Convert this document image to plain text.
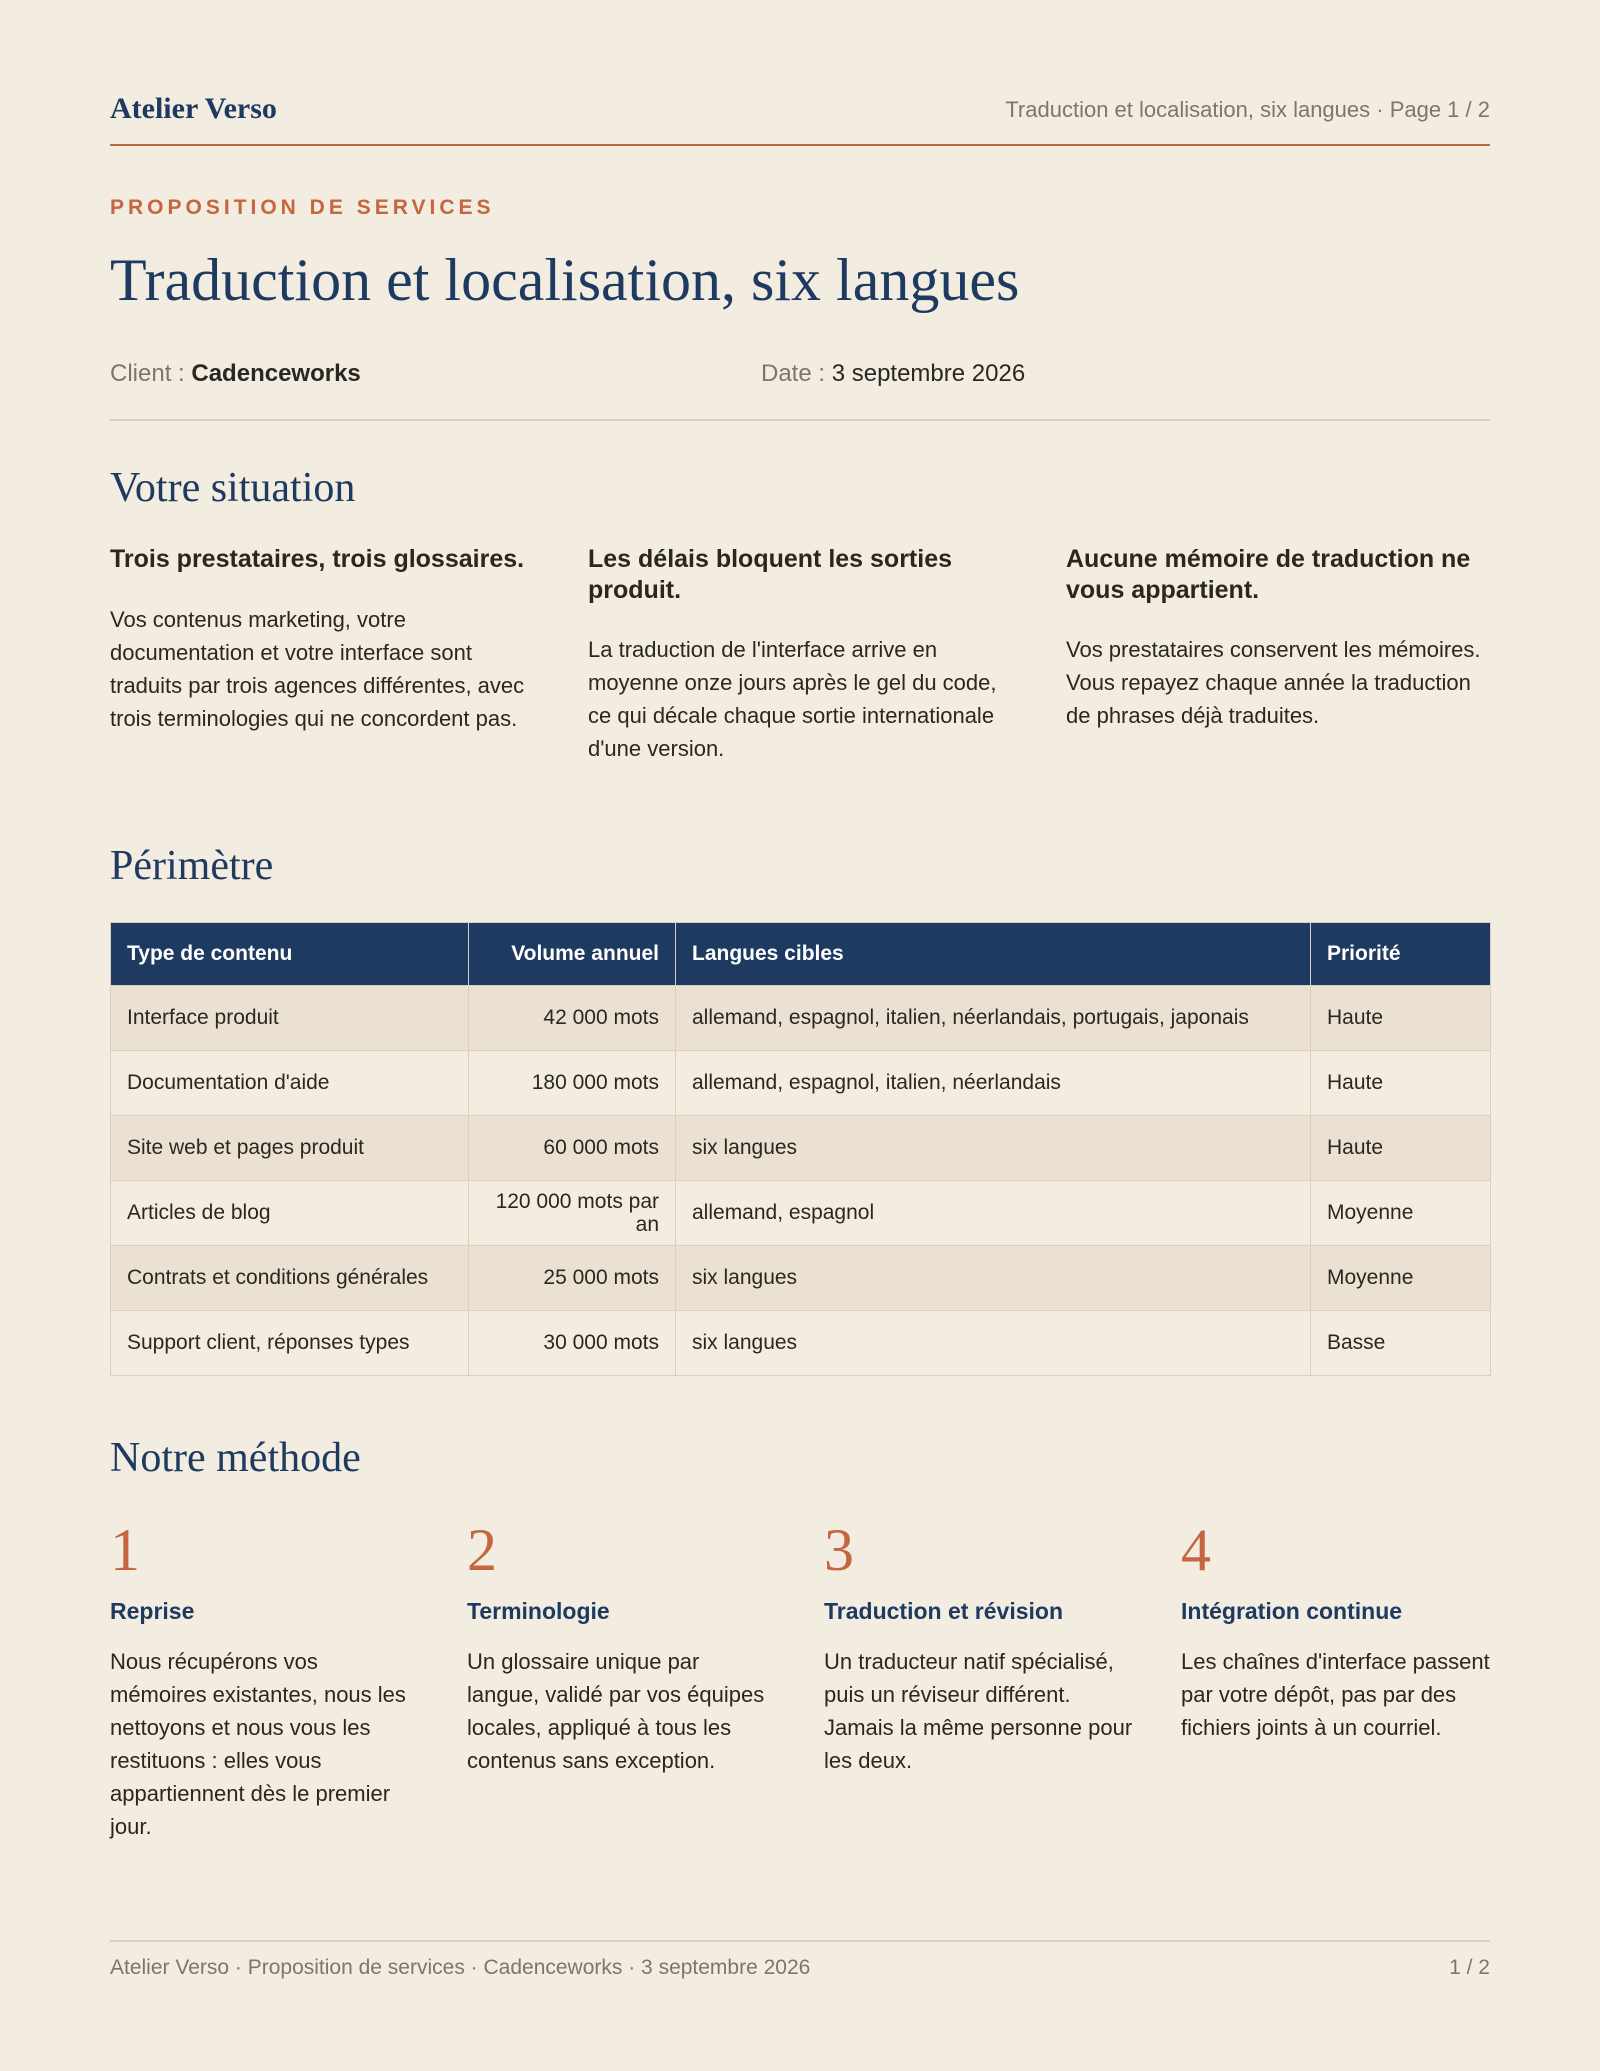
Atelier Verso	Traduction et localisation, six langues · Page 1 / 2
PROPOSITION DE SERVICES
Traduction et localisation, six langues
Client : Cadenceworks	Date : 3 septembre 2026
Votre situation
Trois prestataires, trois glossaires.

Vos contenus marketing, votre documentation et votre interface sont traduits par trois agences différentes, avec trois terminologies qui ne concordent pas.

Les délais bloquent les sorties produit.

La traduction de l'interface arrive en moyenne onze jours après le gel du code, ce qui décale chaque sortie internationale d'une version.

Aucune mémoire de traduction ne vous appartient.

Vos prestataires conservent les mémoires. Vous repayez chaque année la traduction de phrases déjà traduites.

Périmètre
Type de contenu	Volume annuel	Langues cibles	Priorité
Interface produit	42 000 mots	allemand, espagnol, italien, néerlandais, portugais, japonais	Haute
Documentation d'aide	180 000 mots	allemand, espagnol, italien, néerlandais	Haute
Site web et pages produit	60 000 mots	six langues	Haute
Articles de blog	120 000 mots par an	allemand, espagnol	Moyenne
Contrats et conditions générales	25 000 mots	six langues	Moyenne
Support client, réponses types	30 000 mots	six langues	Basse
Notre méthode
1
Reprise

Nous récupérons vos mémoires existantes, nous les nettoyons et nous vous les restituons : elles vous appartiennent dès le premier jour.

2
Terminologie

Un glossaire unique par langue, validé par vos équipes locales, appliqué à tous les contenus sans exception.

3
Traduction et révision

Un traducteur natif spécialisé, puis un réviseur différent. Jamais la même personne pour les deux.

4
Intégration continue

Les chaînes d'interface passent par votre dépôt, pas par des fichiers joints à un courriel.

Atelier Verso · Proposition de services · Cadenceworks · 3 septembre 2026	1 / 2
